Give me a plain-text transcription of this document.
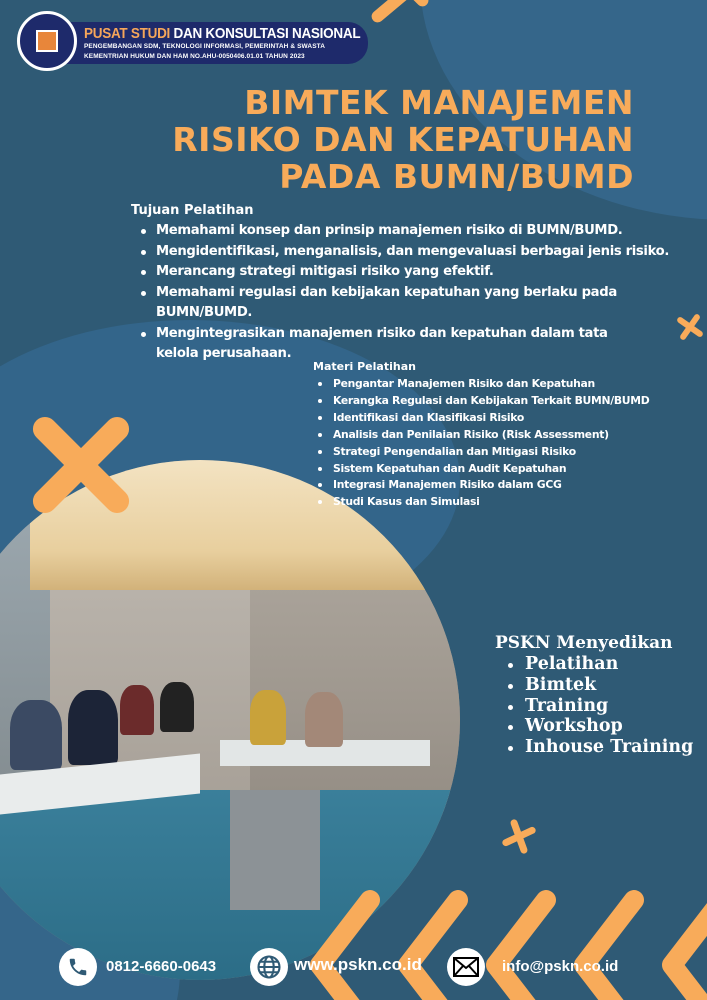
PUSAT STUDI DAN KONSULTASI NASIONAL
PENGEMBANGAN SDM, TEKNOLOGI INFORMASI, PEMERINTAH & SWASTA
KEMENTRIAN HUKUM DAN HAM NO.AHU-0050406.01.01 TAHUN 2023
BIMTEK MANAJEMEN
RISIKO DAN KEPATUHAN
PADA BUMN/BUMD
Tujuan Pelatihan
Memahami konsep dan prinsip manajemen risiko di BUMN/BUMD.
Mengidentifikasi, menganalisis, dan mengevaluasi berbagai jenis risiko.
Merancang strategi mitigasi risiko yang efektif.
Memahami regulasi dan kebijakan kepatuhan yang berlaku pada BUMN/BUMD.
Mengintegrasikan manajemen risiko dan kepatuhan dalam tata kelola perusahaan.
Materi Pelatihan
Pengantar Manajemen Risiko dan Kepatuhan
Kerangka Regulasi dan Kebijakan Terkait BUMN/BUMD
Identifikasi dan Klasifikasi Risiko
Analisis dan Penilaian Risiko (Risk Assessment)
Strategi Pengendalian dan Mitigasi Risiko
Sistem Kepatuhan dan Audit Kepatuhan
Integrasi Manajemen Risiko dalam GCG
Studi Kasus dan Simulasi
PSKN Menyedikan
Pelatihan
Bimtek
Training
Workshop
Inhouse Training
0812-6660-0643	www.pskn.co.id	info@pskn.co.id
